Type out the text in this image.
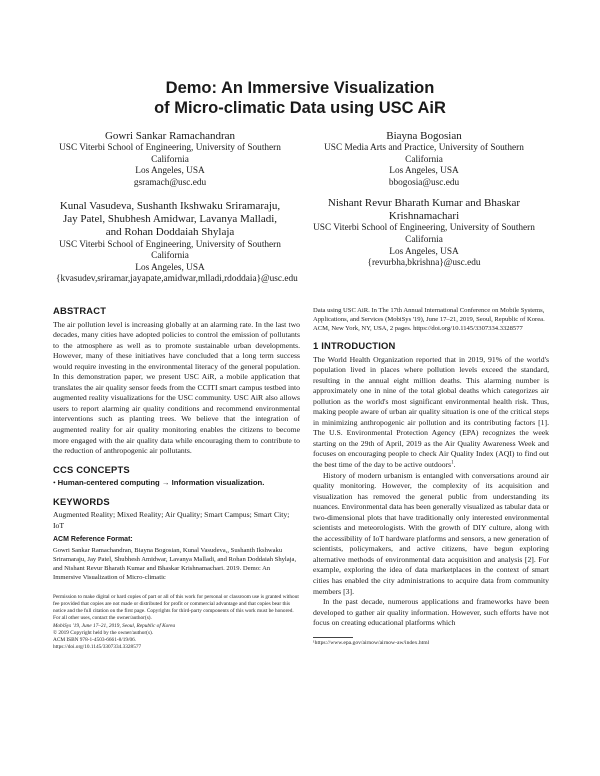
Demo: An Immersive Visualization
of Micro-climatic Data using USC AiR
Gowri Sankar Ramachandran
USC Viterbi School of Engineering, University of Southern California
Los Angeles, USA
gsramach@usc.edu
Biayna Bogosian
USC Media Arts and Practice, University of Southern California
Los Angeles, USA
bbogosia@usc.edu
Kunal Vasudeva, Sushanth Ikshwaku Sriramaraju, Jay Patel, Shubhesh Amidwar, Lavanya Malladi, and Rohan Doddaiah Shylaja
USC Viterbi School of Engineering, University of Southern California
Los Angeles, USA
{kvasudev,sriramar,jayapate,amidwar,mlladi,rdoddaia}@usc.edu
Nishant Revur Bharath Kumar and Bhaskar Krishnamachari
USC Viterbi School of Engineering, University of Southern California
Los Angeles, USA
{revurbha,bkrishna}@usc.edu
ABSTRACT

The air pollution level is increasing globally at an alarming rate. In the last two decades, many cities have adopted policies to control the emission of pollutants to the atmosphere as well as to promote sustainable urban developments. However, many of these initiatives have concluded that a long term success would require investing in the environmental literacy of the general population. In this demonstration paper, we present USC AiR, a mobile application that translates the air quality sensor feeds from the CCITI smart campus testbed into augmented reality visualizations for the USC community. USC AiR also allows users to report alarming air quality conditions and recommend environmental interventions such as planting trees. We believe that the integration of augmented reality for air quality monitoring enables the citizens to become more engaged with the air quality data while encouraging them to contribute to the reduction of anthropogenic air pollutants.

CCS CONCEPTS
• Human-centered computing → Information visualization.
KEYWORDS

Augmented Reality; Mixed Reality; Air Quality; Smart Campus; Smart City; IoT

ACM Reference Format:

Gowri Sankar Ramachandran, Biayna Bogosian, Kunal Vasudeva,, Sushanth Ikshwaku Sriramaraju, Jay Patel, Shubhesh Amidwar, Lavanya Malladi, and Rohan Doddaiah Shylaja, and Nishant Revur Bharath Kumar and Bhaskar Krishnamachari. 2019. Demo: An Immersive Visualization of Micro-climatic

Permission to make digital or hard copies of part or all of this work for personal or classroom use is granted without fee provided that copies are not made or distributed for profit or commercial advantage and that copies bear this notice and the full citation on the first page. Copyrights for third-party components of this work must be honored. For all other uses, contact the owner/author(s).
MobiSys '19, June 17–21, 2019, Seoul, Republic of Korea
© 2019 Copyright held by the owner/author(s).
ACM ISBN 978-1-4503-6661-8/19/06.
https://doi.org/10.1145/3307334.3328577

Data using USC AiR. In The 17th Annual International Conference on Mobile Systems, Applications, and Services (MobiSys '19), June 17–21, 2019, Seoul, Republic of Korea. ACM, New York, NY, USA, 2 pages. https://doi.org/10.1145/3307334.3328577

1 INTRODUCTION

The World Health Organization reported that in 2019, 91% of the world's population lived in places where pollution levels exceed the standard, resulting in the annual eight million deaths. This alarming number is approximately one in nine of the total global deaths which categorizes air pollution as the world's most significant environmental health risk. Thus, making people aware of urban air quality situation is one of the critical steps in minimizing anthropogenic air pollution and its contributing factors [1]. The U.S. Environmental Protection Agency (EPA) recognizes the week starting on the 29th of April, 2019 as the Air Quality Awareness Week and focuses on encouraging people to check Air Quality Index (AQI) to find out the best time of the day to be active outdoors$^1$.

History of modern urbanism is entangled with conversations around air quality monitoring. However, the complexity of its acquisition and visualization has removed the general public from understanding its nuances. Environmental data has been generally visualized as tabular data or two-dimensional plots that have traditionally only interested environmental scientists and meteorologists. With the growth of DIY culture, along with the accessibility of IoT hardware platforms and sensors, a new generation of scientists, policymakers, and active citizens, have begun exploring alternative methods of environmental data acquisition and analysis [2]. For example, exploring the idea of data marketplaces in the context of smart cities has enabled the city administrations to acquire data from community members [3].

In the past decade, numerous applications and frameworks have been developed to gather air quality information. However, such efforts have not focus on creating educational platforms which

¹https://www.epa.gov/airnow/airnow-aw/index.html
